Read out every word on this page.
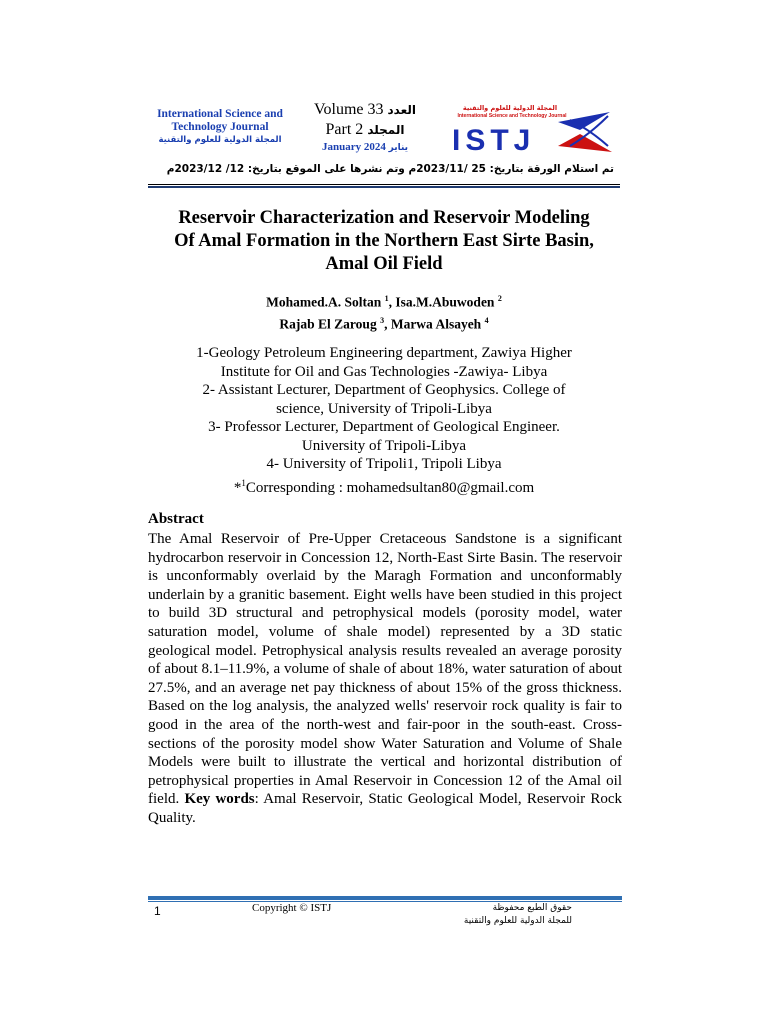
International Science and
Technology Journal
المجلة الدولية للعلوم والتقنية
Volume 33 العدد
Part 2 المجلد
January 2024 يناير	ISTJ
المجلة الدولية للعلوم والتقنية
International Science and Technology Journal
تم استلام الورقة بتاريخ: 25 /2023/11م وتم نشرها على الموقع بتاريخ: 12/ 2023/12م
Reservoir Characterization and Reservoir Modeling
Of Amal Formation in the Northern East Sirte Basin,
Amal Oil Field
Mohamed.A. Soltan $^1$, Isa.M.Abuwoden $^2$
Rajab El Zaroug $^3$, Marwa Alsayeh $^4$
1-Geology Petroleum Engineering department, Zawiya Higher
Institute for Oil and Gas Technologies -Zawiya- Libya
2- Assistant Lecturer, Department of Geophysics. College of
science, University of Tripoli-Libya
3- Professor Lecturer, Department of Geological Engineer.
University of Tripoli-Libya
4- University of Tripoli1, Tripoli Libya
*$^1$Corresponding : mohamedsultan80@gmail.com
Abstract
The Amal Reservoir of Pre-Upper Cretaceous Sandstone is a significant hydrocarbon reservoir in Concession 12, North-East Sirte Basin. The reservoir is unconformably overlaid by the Maragh Formation and unconformably underlain by a granitic basement. Eight wells have been studied in this project to build 3D structural and petrophysical models (porosity model, water saturation model, volume of shale model) represented by a 3D static geological model. Petrophysical analysis results revealed an average porosity of about 8.1–11.9%, a volume of shale of about 18%, water saturation of about 27.5%, and an average net pay thickness of about 15% of the gross thickness. Based on the log analysis, the analyzed wells' reservoir rock quality is fair to good in the area of the north-west and fair-poor in the south-east. Cross-sections of the porosity model show Water Saturation and Volume of Shale Models were built to illustrate the vertical and horizontal distribution of petrophysical properties in Amal Reservoir in Concession 12 of the Amal oil field. Key words: Amal Reservoir, Static Geological Model, Reservoir Rock Quality.
1	Copyright © ISTJ	حقوق الطبع محفوظة
للمجلة الدولية للعلوم والتقنية
